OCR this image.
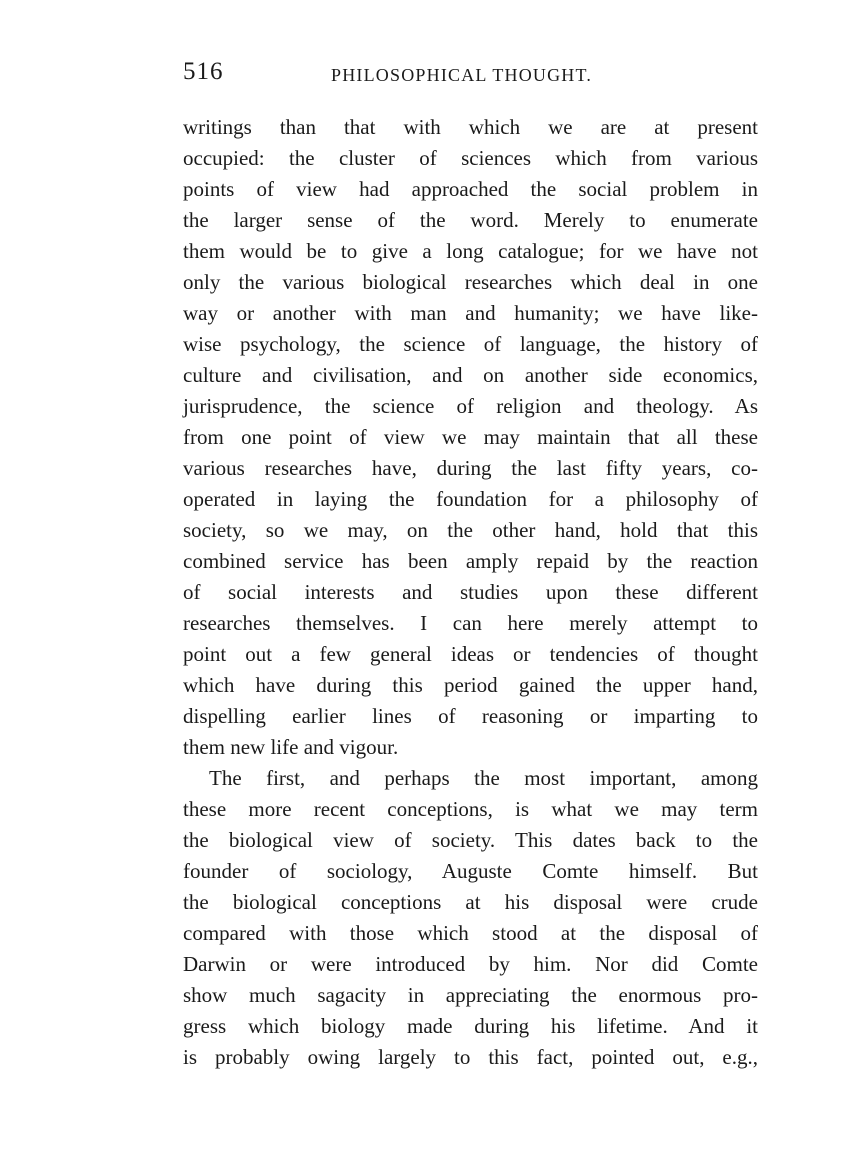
516	PHILOSOPHICAL THOUGHT.
writings than that with which we are at present
occupied: the cluster of sciences which from various
points of view had approached the social problem in
the larger sense of the word. Merely to enumerate
them would be to give a long catalogue; for we have not
only the various biological researches which deal in one
way or another with man and humanity; we have like-
wise psychology, the science of language, the history of
culture and civilisation, and on another side economics,
jurisprudence, the science of religion and theology. As
from one point of view we may maintain that all these
various researches have, during the last fifty years, co-
operated in laying the foundation for a philosophy of
society, so we may, on the other hand, hold that this
combined service has been amply repaid by the reaction
of social interests and studies upon these different
researches themselves. I can here merely attempt to
point out a few general ideas or tendencies of thought
which have during this period gained the upper hand,
dispelling earlier lines of reasoning or imparting to
them new life and vigour.
The first, and perhaps the most important, among
these more recent conceptions, is what we may term
the biological view of society. This dates back to the
founder of sociology, Auguste Comte himself. But
the biological conceptions at his disposal were crude
compared with those which stood at the disposal of
Darwin or were introduced by him. Nor did Comte
show much sagacity in appreciating the enormous pro-
gress which biology made during his lifetime. And it
is probably owing largely to this fact, pointed out, e.g.,
